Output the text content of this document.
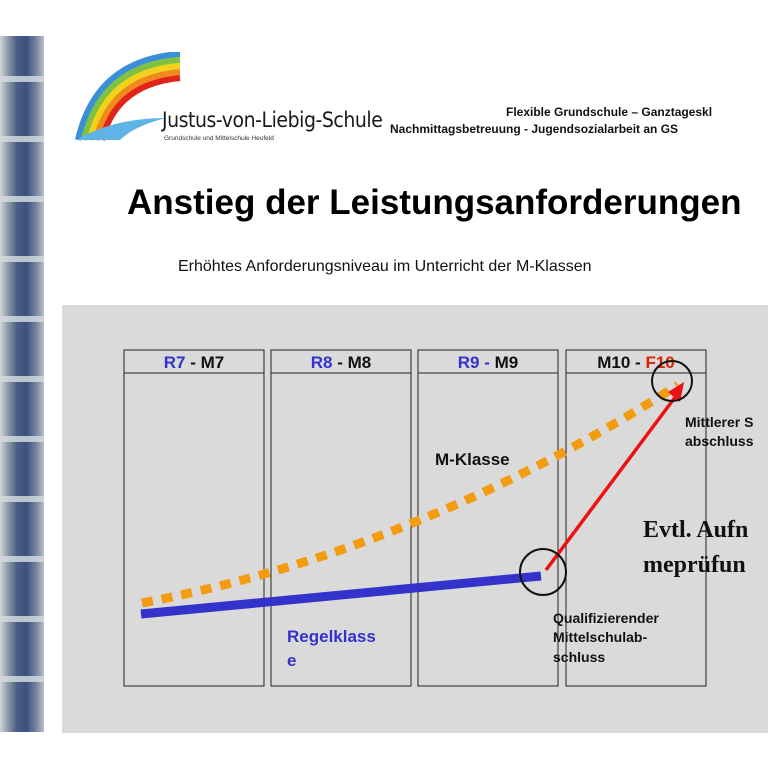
Justus-von-Liebig-Schule
Grundschule und Mittelschule Heufeld
Flexible Grundschule – Ganztageskl
Nachmittagsbetreuung - Jugendsozialarbeit an GS
Anstieg der Leistungsanforderungen
Erhöhtes Anforderungsniveau im Unterricht der M-Klassen
R7 - M7	R8 - M8	R9 - M9	M10 - F10
M-Klasse
Regelklass
e
Qualifizierender
Mittelschulab-
schluss
Mittlerer S
abschluss
Evtl. Aufn
meprüfun
